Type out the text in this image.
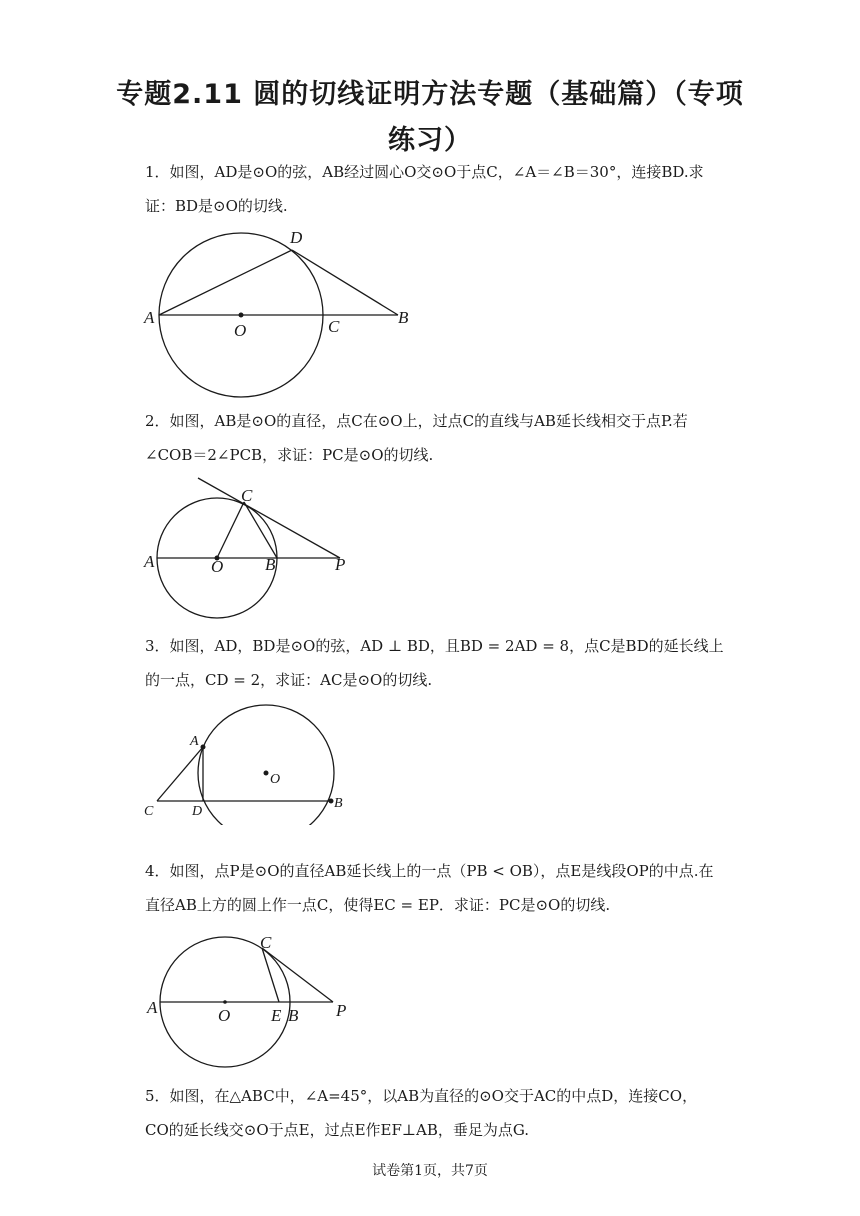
专题2.11 圆的切线证明方法专题（基础篇）（专项
练习）
1．如图，AD是⊙O的弦，AB经过圆心O交⊙O于点C，∠A＝∠B＝30°，连接BD.求
证：BD是⊙O的切线.
A
O	C	B
D
2．如图，AB是⊙O的直径，点C在⊙O上，过点C的直线与AB延长线相交于点P.若
∠COB＝2∠PCB，求证：PC是⊙O的切线.
A	O B	P
C
3．如图，AD，BD是⊙O的弦，AD ⊥ BD，且BD = 2AD = 8，点C是BD的延长线上
的一点，CD = 2，求证：AC是⊙O的切线.
A
O
C	D
B
4．如图，点P是⊙O的直径AB延长线上的一点（PB < OB），点E是线段OP的中点.在
直径AB上方的圆上作一点C，使得EC = EP．求证：PC是⊙O的切线.
A	O E B P
C
5．如图，在△ABC中，∠A=45°，以AB为直径的⊙O交于AC的中点D，连接CO，
CO的延长线交⊙O于点E，过点E作EF⊥AB，垂足为点G.
试卷第1页，共7页
